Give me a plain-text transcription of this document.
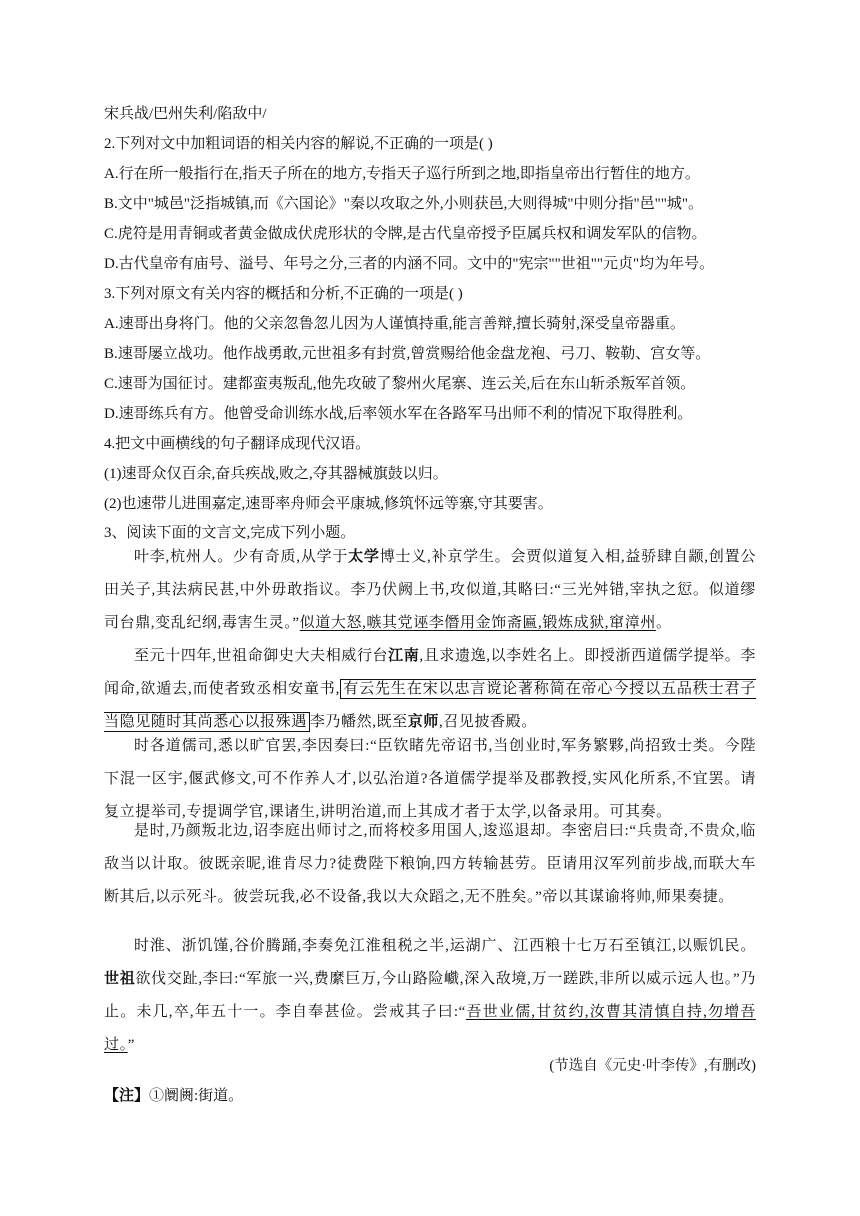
宋兵战/巴州失利/陷敌中/
2.下列对文中加粗词语的相关内容的解说,不正确的一项是( )
A.行在所一般指行在,指天子所在的地方,专指天子巡行所到之地,即指皇帝出行暂住的地方。
B.文中"城邑"泛指城镇,而《六国论》"秦以攻取之外,小则获邑,大则得城"中则分指"邑""城"。
C.虎符是用青铜或者黄金做成伏虎形状的令牌,是古代皇帝授予臣属兵权和调发军队的信物。
D.古代皇帝有庙号、溢号、年号之分,三者的内涵不同。文中的"宪宗""世祖""元贞"均为年号。
3.下列对原文有关内容的概括和分析,不正确的一项是( )
A.速哥出身将门。他的父亲忽鲁忽儿因为人谨慎持重,能言善辩,擅长骑射,深受皇帝器重。
B.速哥屡立战功。他作战勇敢,元世祖多有封赏,曾赏赐给他金盘龙袍、弓刀、鞍勒、宫女等。
C.速哥为国征讨。建都蛮夷叛乱,他先攻破了黎州火尾寨、连云关,后在东山斩杀叛军首领。
D.速哥练兵有方。他曾受命训练水战,后率领水军在各路军马出师不利的情况下取得胜利。
4.把文中画横线的句子翻译成现代汉语。
(1)速哥众仅百余,奋兵疾战,败之,夺其器械旗鼓以归。
(2)也速带儿进围嘉定,速哥率舟师会平康城,修筑怀远等寨,守其要害。
3、阅读下面的文言文,完成下列小题。
叶李,杭州人。少有奇质,从学于太学博士义,补京学生。会贾似道复入相,益骄肆自颛,创置公田关子,其法病民甚,中外毋敢指议。李乃伏阙上书,攻似道,其略曰:“三光舛错,宰执之愆。似道缪司台鼎,变乱纪纲,毒害生灵。”似道大怒,嗾其党诬李僭用金饰斋匾,锻炼成狱,窜漳州。
至元十四年,世祖命御史大夫相威行台江南,且求遗逸,以李姓名上。即授浙西道儒学提举。李闻命,欲遁去,而使者致丞相安童书, 有云先生在宋以忠言谠论著称简在帝心今授以五品秩士君子当隐见随时其尚悉心以报殊遇 李乃幡然,既至京师,召见披香殿。
时各道儒司,悉以旷官罢,李因奏曰:“臣钦睹先帝诏书,当创业时,军务繁夥,尚招致士类。今陛下混一区宇,偃武修文,可不作养人才,以弘治道?各道儒学提举及郡教授,实风化所系,不宜罢。请复立提举司,专提调学官,课诸生,讲明治道,而上其成才者于太学,以备录用。可其奏。
是时,乃颜叛北边,诏李庭出师讨之,而将校多用国人,逡巡退却。李密启曰:“兵贵奇,不贵众,临敌当以计取。彼既亲昵,谁肯尽力?徒费陛下粮饷,四方转输甚劳。臣请用汉军列前步战,而联大车断其后,以示死斗。彼尝玩我,必不设备,我以大众蹈之,无不胜矣。”帝以其谋谕将帅,师果奏捷。
时淮、浙饥馑,谷价腾踊,李奏免江淮租税之半,运湖广、江西粮十七万石至镇江,以赈饥民。世祖欲伐交趾,李曰:“军旅一兴,费縻巨万,今山路险巇,深入敌境,万一蹉跌,非所以威示远人也。”乃止。未几,卒,年五十一。李自奉甚俭。尝戒其子曰:“吾世业儒,甘贫约,汝曹其清慎自持,勿增吾过。”
(节选自《元史·叶李传》,有删改)
【注】①阛阓:街道。
